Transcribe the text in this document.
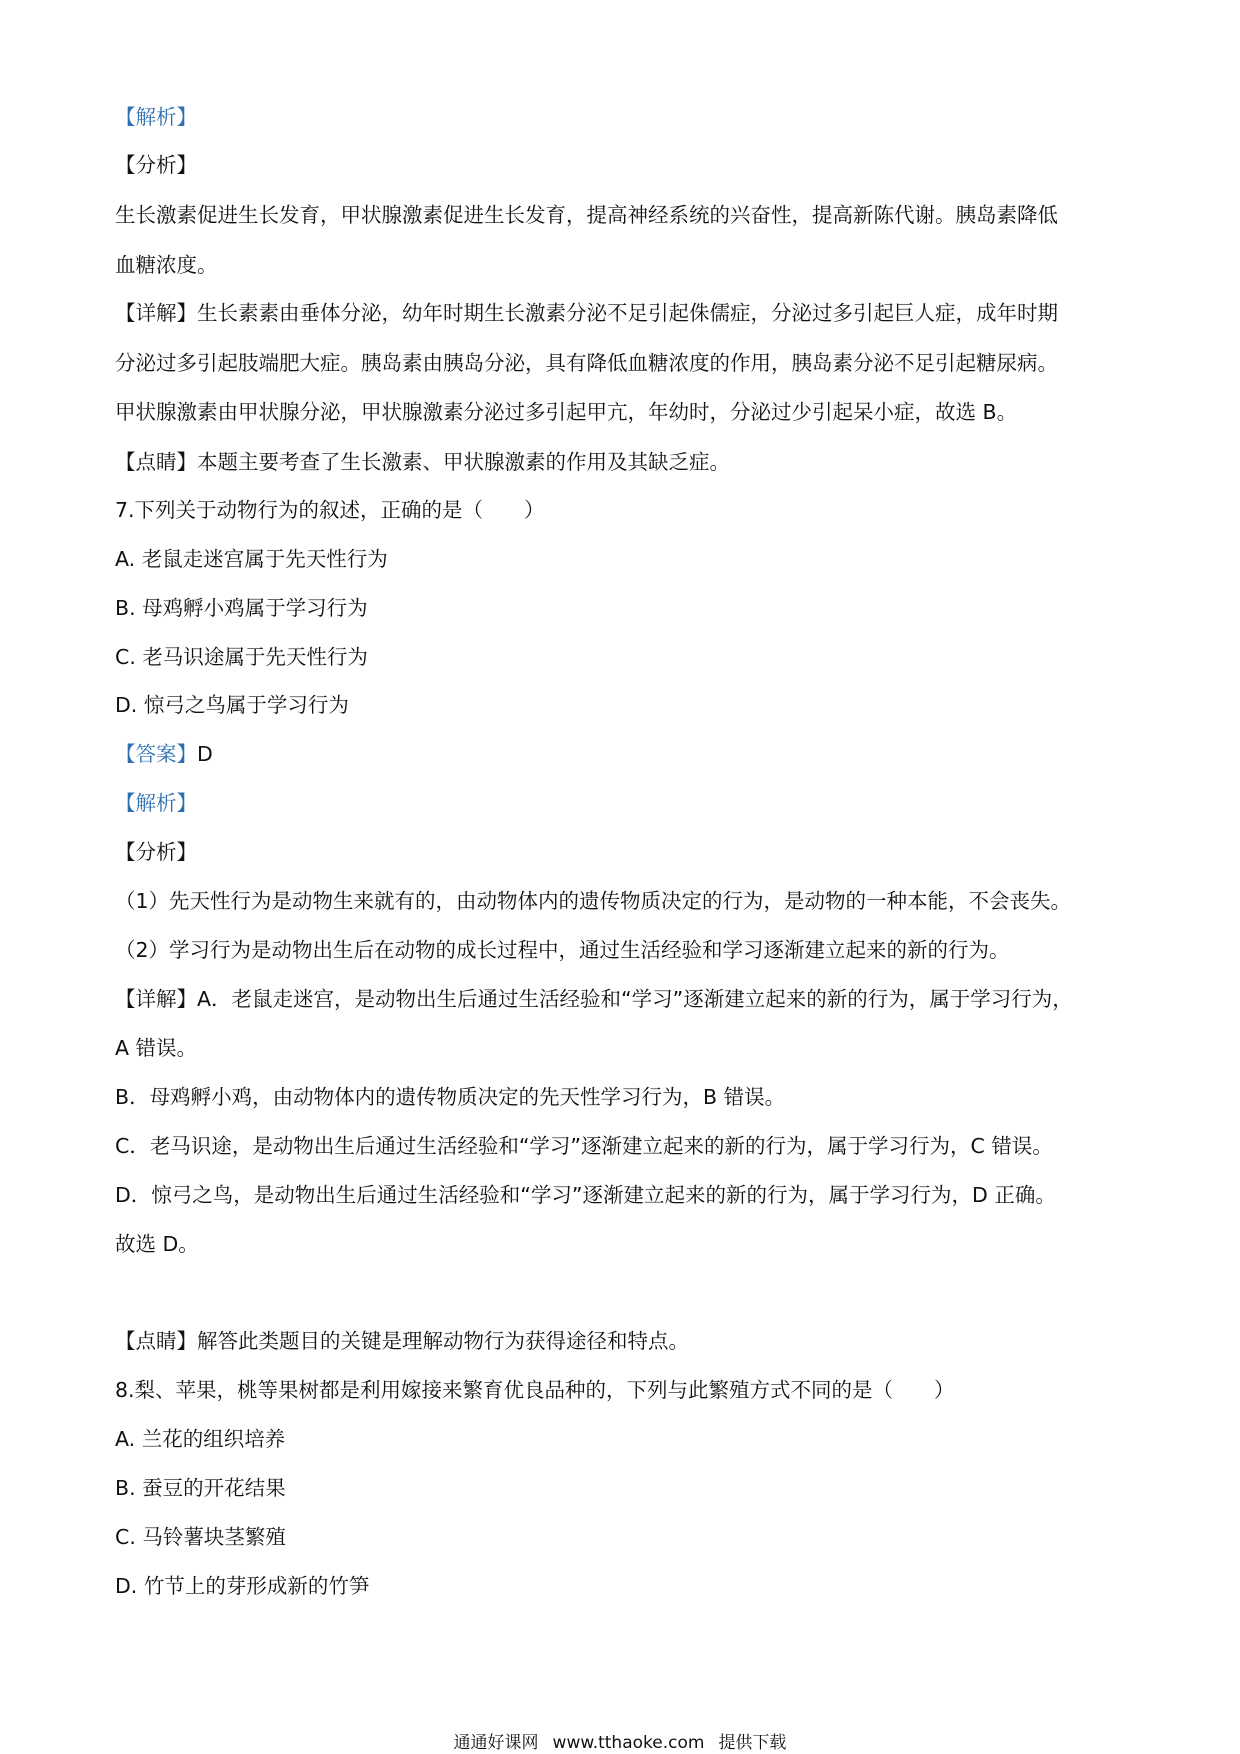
【解析】
【分析】
生长激素促进生长发育，甲状腺激素促进生长发育，提高神经系统的兴奋性，提高新陈代谢。胰岛素降低
血糖浓度。
【详解】生长素素由垂体分泌，幼年时期生长激素分泌不足引起侏儒症，分泌过多引起巨人症，成年时期
分泌过多引起肢端肥大症。胰岛素由胰岛分泌，具有降低血糖浓度的作用，胰岛素分泌不足引起糖尿病。
甲状腺激素由甲状腺分泌，甲状腺激素分泌过多引起甲亢，年幼时，分泌过少引起呆小症，故选 B。
【点睛】本题主要考查了生长激素、甲状腺激素的作用及其缺乏症。
7.下列关于动物行为的叙述，正确的是（　　）
A. 老鼠走迷宫属于先天性行为
B. 母鸡孵小鸡属于学习行为
C. 老马识途属于先天性行为
D. 惊弓之鸟属于学习行为
【答案】D
【解析】
【分析】
（1）先天性行为是动物生来就有的，由动物体内的遗传物质决定的行为，是动物的一种本能，不会丧失。
（2）学习行为是动物出生后在动物的成长过程中，通过生活经验和学习逐渐建立起来的新的行为。
【详解】A．老鼠走迷宫，是动物出生后通过生活经验和“学习”逐渐建立起来的新的行为，属于学习行为，
A 错误。
B．母鸡孵小鸡，由动物体内的遗传物质决定的先天性学习行为，B 错误。
C．老马识途，是动物出生后通过生活经验和“学习”逐渐建立起来的新的行为，属于学习行为，C 错误。
D．惊弓之鸟，是动物出生后通过生活经验和“学习”逐渐建立起来的新的行为，属于学习行为，D 正确。
故选 D。
【点睛】解答此类题目的关键是理解动物行为获得途径和特点。
8.梨、苹果，桃等果树都是利用嫁接来繁育优良品种的，下列与此繁殖方式不同的是（　　）
A. 兰花的组织培养
B. 蚕豆的开花结果
C. 马铃薯块茎繁殖
D. 竹节上的芽形成新的竹笋
通通好课网 www.tthaoke.com 提供下载
